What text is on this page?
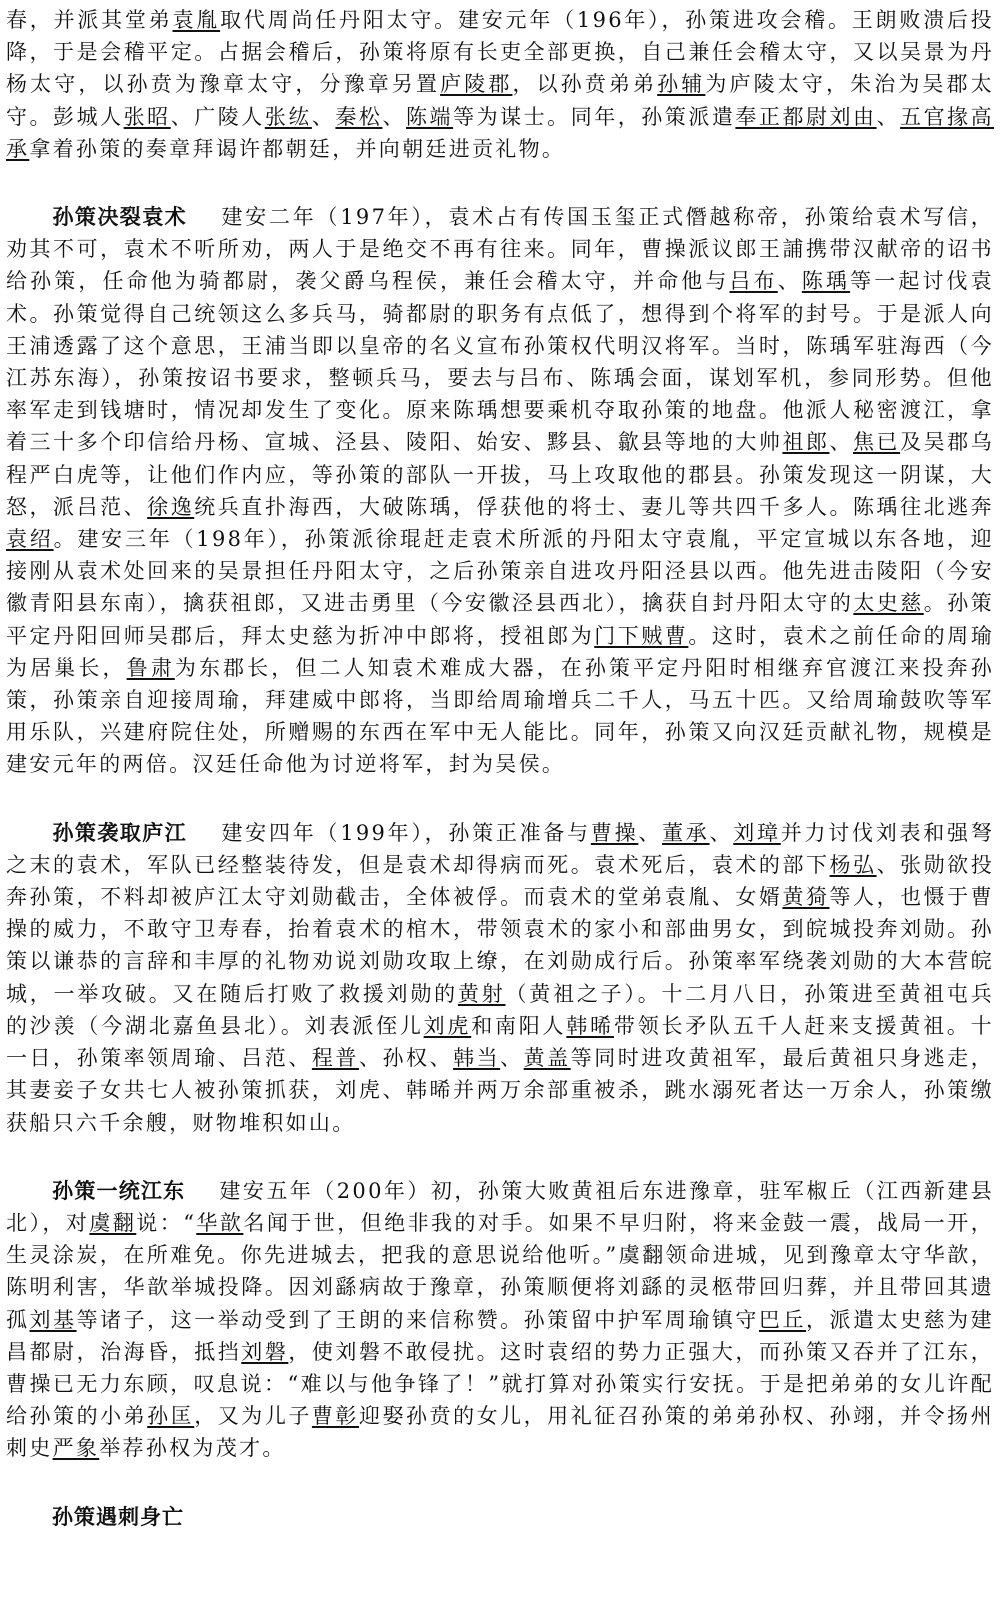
春，并派其堂弟袁胤取代周尚任丹阳太守。建安元年（196年），孙策进攻会稽。王朗败溃后投降，于是会稽平定。占据会稽后，孙策将原有长吏全部更换，自己兼任会稽太守，又以吴景为丹杨太守，以孙贲为豫章太守，分豫章另置庐陵郡，以孙贲弟弟孙辅为庐陵太守，朱治为吴郡太守。彭城人张昭、广陵人张纮、秦松、陈端等为谋士。同年，孙策派遣奉正都尉刘由、五官掾高承拿着孙策的奏章拜谒许都朝廷，并向朝廷进贡礼物。

孙策决裂袁术 建安二年（197年），袁术占有传国玉玺正式僭越称帝，孙策给袁术写信，劝其不可，袁术不听所劝，两人于是绝交不再有往来。同年，曹操派议郎王誧携带汉献帝的诏书给孙策，任命他为骑都尉，袭父爵乌程侯，兼任会稽太守，并命他与吕布、陈瑀等一起讨伐袁术。孙策觉得自己统领这么多兵马，骑都尉的职务有点低了，想得到个将军的封号。于是派人向王浦透露了这个意思，王浦当即以皇帝的名义宣布孙策权代明汉将军。当时，陈瑀军驻海西（今江苏东海），孙策按诏书要求，整顿兵马，要去与吕布、陈瑀会面，谋划军机，参同形势。但他率军走到钱塘时，情况却发生了变化。原来陈瑀想要乘机夺取孙策的地盘。他派人秘密渡江，拿着三十多个印信给丹杨、宣城、泾县、陵阳、始安、黟县、歙县等地的大帅祖郎、焦已及吴郡乌程严白虎等，让他们作内应，等孙策的部队一开拔，马上攻取他的郡县。孙策发现这一阴谋，大怒，派吕范、徐逸统兵直扑海西，大破陈瑀，俘获他的将士、妻儿等共四千多人。陈瑀往北逃奔袁绍。建安三年（198年），孙策派徐琨赶走袁术所派的丹阳太守袁胤，平定宣城以东各地，迎接刚从袁术处回来的吴景担任丹阳太守，之后孙策亲自进攻丹阳泾县以西。他先进击陵阳（今安徽青阳县东南），擒获祖郎，又进击勇里（今安徽泾县西北），擒获自封丹阳太守的太史慈。孙策平定丹阳回师吴郡后，拜太史慈为折冲中郎将，授祖郎为门下贼曹。这时，袁术之前任命的周瑜为居巢长，鲁肃为东郡长，但二人知袁术难成大器，在孙策平定丹阳时相继弃官渡江来投奔孙策，孙策亲自迎接周瑜，拜建威中郎将，当即给周瑜增兵二千人，马五十匹。又给周瑜鼓吹等军用乐队，兴建府院住处，所赠赐的东西在军中无人能比。同年，孙策又向汉廷贡献礼物，规模是建安元年的两倍。汉廷任命他为讨逆将军，封为吴侯。

孙策袭取庐江 建安四年（199年），孙策正准备与曹操、董承、刘璋并力讨伐刘表和强弩之末的袁术，军队已经整装待发，但是袁术却得病而死。袁术死后，袁术的部下杨弘、张勋欲投奔孙策，不料却被庐江太守刘勋截击，全体被俘。而袁术的堂弟袁胤、女婿黄猗等人，也慑于曹操的威力，不敢守卫寿春，抬着袁术的棺木，带领袁术的家小和部曲男女，到皖城投奔刘勋。孙策以谦恭的言辞和丰厚的礼物劝说刘勋攻取上缭，在刘勋成行后。孙策率军绕袭刘勋的大本营皖城，一举攻破。又在随后打败了救援刘勋的黄射（黄祖之子）。十二月八日，孙策进至黄祖屯兵的沙羡（今湖北嘉鱼县北）。刘表派侄儿刘虎和南阳人韩晞带领长矛队五千人赶来支援黄祖。十一日，孙策率领周瑜、吕范、程普、孙权、韩当、黄盖等同时进攻黄祖军，最后黄祖只身逃走，其妻妾子女共七人被孙策抓获，刘虎、韩晞并两万余部重被杀，跳水溺死者达一万余人，孙策缴获船只六千余艘，财物堆积如山。

孙策一统江东 建安五年（200年）初，孙策大败黄祖后东进豫章，驻军椒丘（江西新建县北），对虞翻说：“华歆名闻于世，但绝非我的对手。如果不早归附，将来金鼓一震，战局一开，生灵涂炭，在所难免。你先进城去，把我的意思说给他听。”虞翻领命进城，见到豫章太守华歆，陈明利害，华歆举城投降。因刘繇病故于豫章，孙策顺便将刘繇的灵柩带回归葬，并且带回其遗孤刘基等诸子，这一举动受到了王朗的来信称赞。孙策留中护军周瑜镇守巴丘，派遣太史慈为建昌都尉，治海昏，抵挡刘磐，使刘磐不敢侵扰。这时袁绍的势力正强大，而孙策又吞并了江东，曹操已无力东顾，叹息说：“难以与他争锋了！”就打算对孙策实行安抚。于是把弟弟的女儿许配给孙策的小弟孙匡，又为儿子曹彰迎娶孙贲的女儿，用礼征召孙策的弟弟孙权、孙翊，并令扬州刺史严象举荐孙权为茂才。

孙策遇刺身亡
